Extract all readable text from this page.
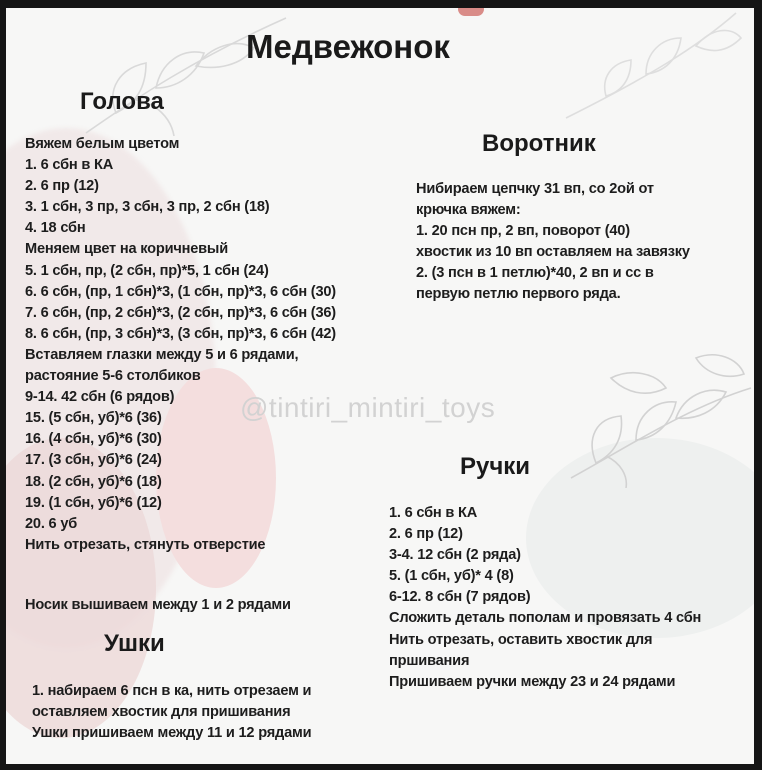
Медвежонок
Голова
Вяжем белым цветом
1. 6 сбн в КА
2. 6 пр (12)
3. 1 сбн, 3 пр, 3 сбн, 3 пр, 2 сбн (18)
4. 18 сбн
Меняем цвет на коричневый
5. 1 сбн, пр, (2 сбн, пр)*5, 1 сбн (24)
6. 6 сбн, (пр, 1 сбн)*3, (1 сбн, пр)*3, 6 сбн (30)
7. 6 сбн, (пр, 2 сбн)*3, (2 сбн, пр)*3, 6 сбн (36)
8. 6 сбн, (пр, 3 сбн)*3, (3 сбн, пр)*3, 6 сбн (42)
Вставляем глазки между 5 и 6 рядами,
растояние 5-6 столбиков
9-14. 42 сбн (6 рядов)
15. (5 сбн, уб)*6 (36)
16. (4 сбн, уб)*6 (30)
17. (3 сбн, уб)*6 (24)
18. (2 сбн, уб)*6 (18)
19. (1 сбн, уб)*6 (12)
20. 6 уб
Нить отрезать, стянуть отверстие
Носик вышиваем между 1 и 2 рядами
Воротник
Нибираем цепчку 31 вп, со 2ой от
крючка вяжем:
1. 20 псн пр, 2 вп, поворот (40)
хвостик из 10 вп оставляем на завязку
2. (3 псн в 1 петлю)*40, 2 вп и сс в
первую петлю первого ряда.
@tintiri_mintiri_toys
Ручки
1. 6 сбн в КА
2. 6 пр (12)
3-4. 12 сбн (2 ряда)
5. (1 сбн, уб)* 4 (8)
6-12. 8 сбн (7 рядов)
Сложить деталь пополам и провязать 4 сбн
Нить отрезать, оставить хвостик для
пршивания
Пришиваем ручки между 23 и 24 рядами
Ушки
1. набираем 6 псн в ка, нить отрезаем и
оставляем хвостик для пришивания
Ушки пришиваем между 11 и 12 рядами
